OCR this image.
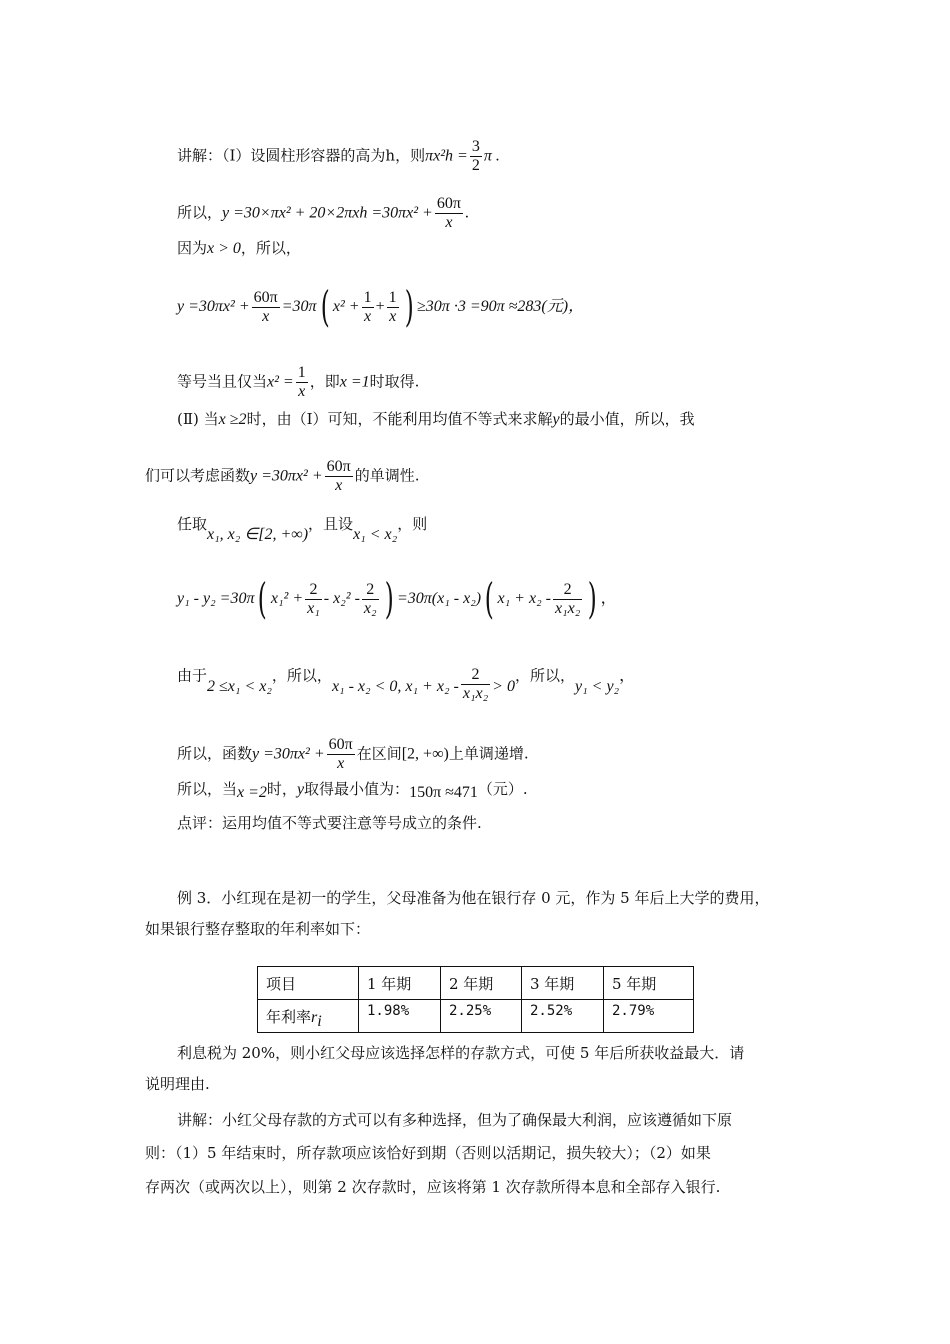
讲解：（Ⅰ）设圆柱形容器的高为h，则$\pi x^2h = \frac{3}{2}$ π .
所以，$y =30\times\pi x^2 + 20\times 2\pi xh =30\pi x^2 + \frac{60\pi}{x}$ .
因为x > 0，所以，
$y =30\pi x^2 + \frac{60\pi}{x} =30\pi$( $x^2 + \frac{1}{x} + \frac{1}{x}$ ) ≥30π ·3 =90π ≈283(元)，
等号当且仅当$x^2 = \frac{1}{x}$ ，即x =1时取得.
(Ⅱ) 当x ≥2时，由（Ⅰ）可知，不能利用均值不等式来求解y的最小值，所以，我
们可以考虑函数$y =30\pi x^2 + \frac{60\pi}{x}$ 的单调性.
任取x₁, x₂ ∈[2, +∞)，且设x₁ < x₂，则
y₁ - y₂ =30π( $x_1^2 + \frac{2}{\text{x₁}} - x_2^2 - \frac{2}{\text{x₂}}$ ) =30π(x₁ - x₂)( $x_1 + x_2 - \frac{2}{\text{x₁x₂}}$ ) ，
由于2 ≤x₁ < x₂，所以，x₁ - x₂ < 0, $x_1 + x_2 - \frac{2}{\text{x₁x₂}} > 0$，所以，y₁ < y₂，
所以，函数$y =30\pi x^2 + \frac{60\pi}{x}$ 在区间[2, +∞)上单调递增.
所以，当x =2时，y取得最小值为：150π ≈471（元）.
点评：运用均值不等式要注意等号成立的条件.
例 3．小红现在是初一的学生，父母准备为他在银行存 0 元，作为 5 年后上大学的费用，
如果银行整存整取的年利率如下：
项目	1 年期	2 年期	3 年期	5 年期
年利率$r_i$	1.98%	2.25%	2.52%	2.79%
利息税为 20%，则小红父母应该选择怎样的存款方式，可使 5 年后所获收益最大．请
说明理由.
讲解：小红父母存款的方式可以有多种选择，但为了确保最大利润，应该遵循如下原
则：（1）5 年结束时，所存款项应该恰好到期（否则以活期记，损失较大）；（2）如果
存两次（或两次以上），则第 2 次存款时，应该将第 1 次存款所得本息和全部存入银行.
